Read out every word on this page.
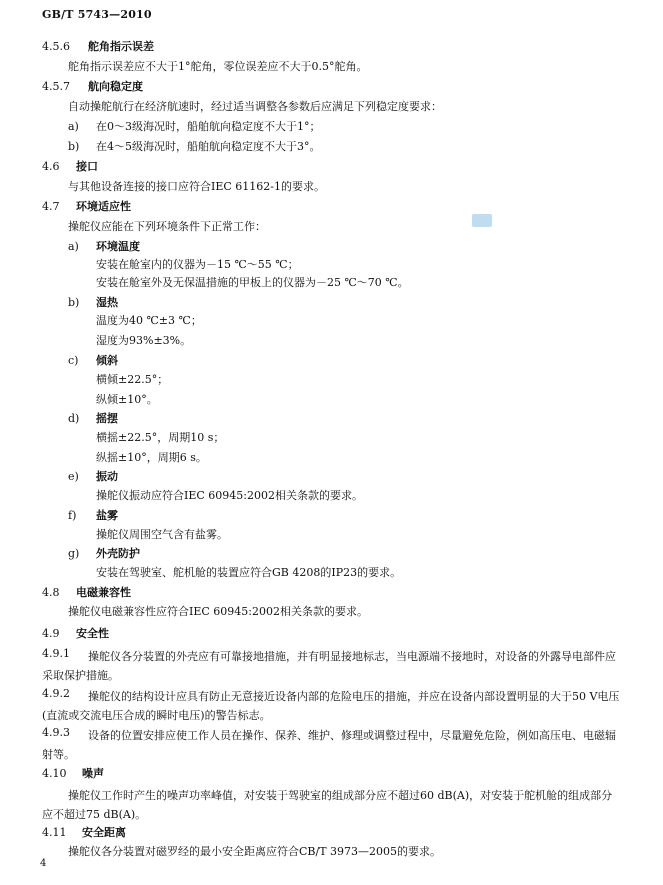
GB/T 5743—2010
4.5.6 舵角指示误差
舵角指示误差应不大于1°舵角，零位误差应不大于0.5°舵角。
4.5.7 航向稳定度
自动操舵航行在经济航速时，经过适当调整各参数后应满足下列稳定度要求：
a) 在0～3级海况时，船舶航向稳定度不大于1°；
b) 在4～5级海况时，船舶航向稳定度不大于3°。
4.6 接口
与其他设备连接的接口应符合IEC 61162-1的要求。
4.7 环境适应性
操舵仪应能在下列环境条件下正常工作：
a) 环境温度
安装在舱室内的仪器为－15 ℃～55 ℃；
安装在舱室外及无保温措施的甲板上的仪器为－25 ℃～70 ℃。
b) 湿热
温度为40 ℃±3 ℃；
湿度为93%±3%。
c) 倾斜
横倾±22.5°；
纵倾±10°。
d) 摇摆
横摇±22.5°，周期10 s；
纵摇±10°，周期6 s。
e) 振动
操舵仪振动应符合IEC 60945:2002相关条款的要求。
f) 盐雾
操舵仪周围空气含有盐雾。
g) 外壳防护
安装在驾驶室、舵机舱的装置应符合GB 4208的IP23的要求。
4.8 电磁兼容性
操舵仪电磁兼容性应符合IEC 60945:2002相关条款的要求。
4.9 安全性
4.9.1	操舵仪各分装置的外壳应有可靠接地措施，并有明显接地标志，当电源端不接地时，对设备的外露导电部件应采取保护措施。
4.9.2	操舵仪的结构设计应具有防止无意接近设备内部的危险电压的措施，并应在设备内部设置明显的大于50 V电压(直流或交流电压合成的瞬时电压)的警告标志。
4.9.3	设备的位置安排应使工作人员在操作、保养、维护、修理或调整过程中，尽量避免危险，例如高压电、电磁辐射等。
4.10 噪声
操舵仪工作时产生的噪声功率峰值，对安装于驾驶室的组成部分应不超过60 dB(A)，对安装于舵机舱的组成部分应不超过75 dB(A)。
4.11 安全距离
操舵仪各分装置对磁罗经的最小安全距离应符合CB/T 3973—2005的要求。
4
